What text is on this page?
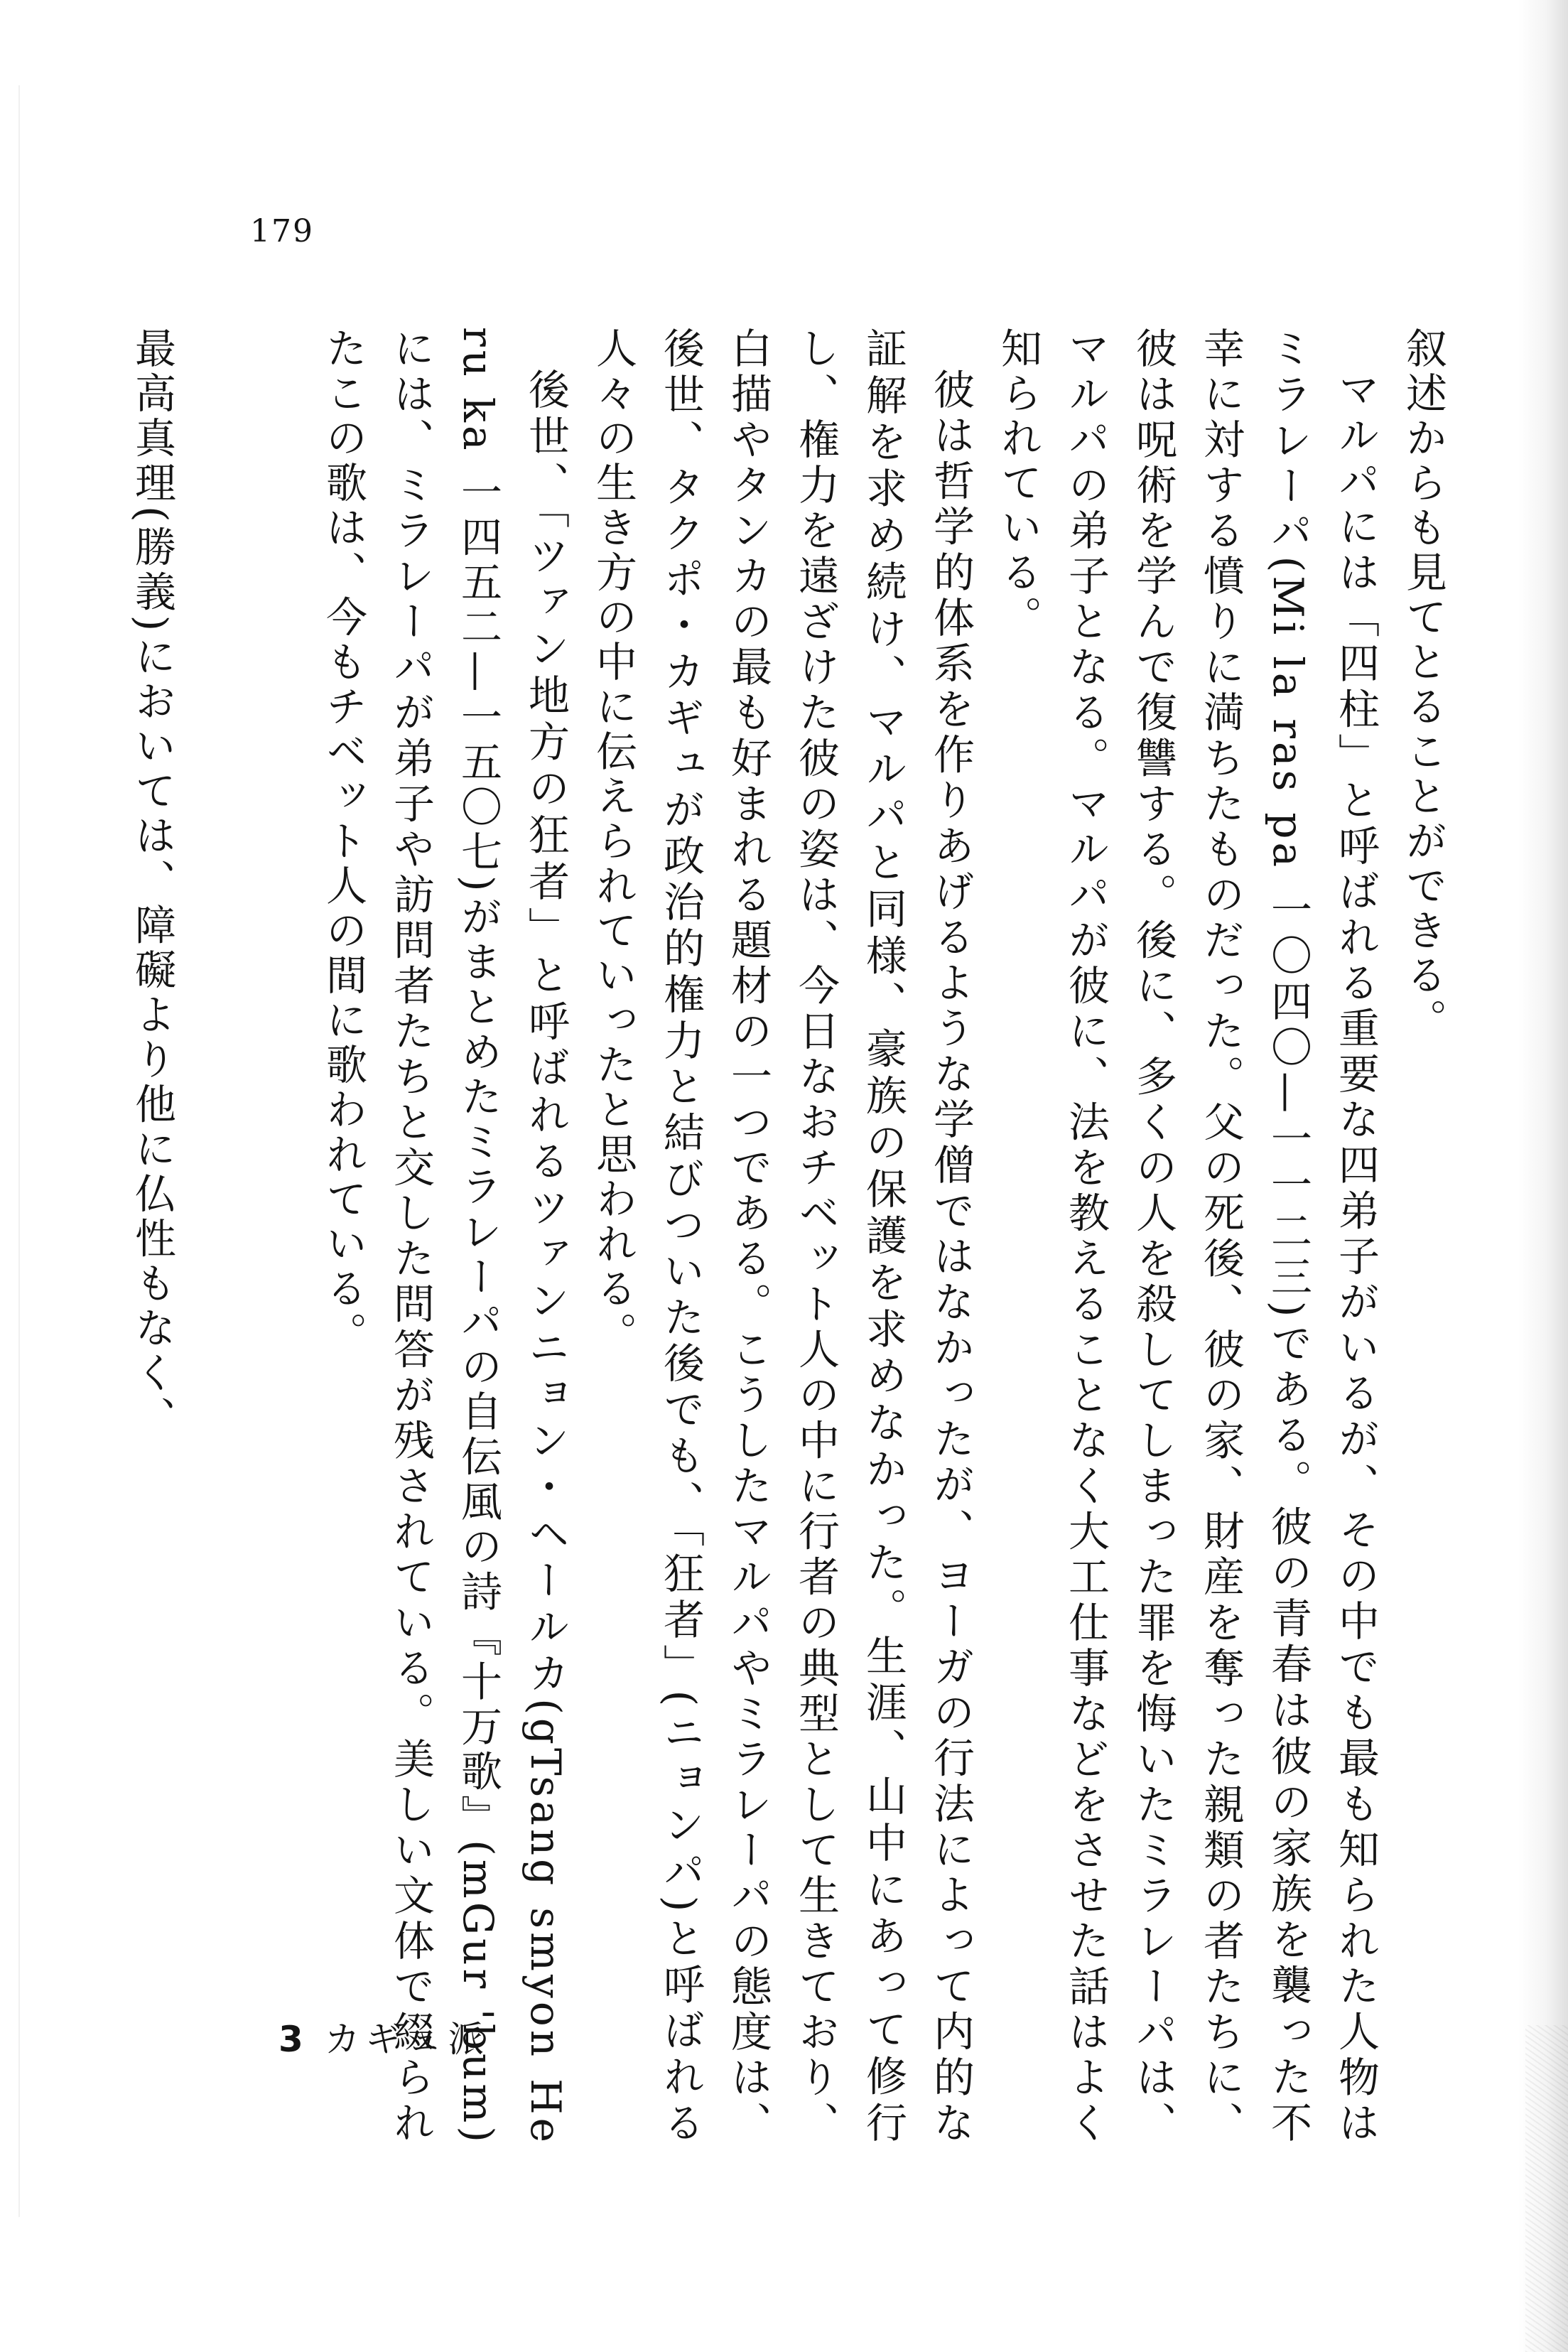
179

叙述からも見てとることができる。

マルパには「四柱」と呼ばれる重要な四弟子がいるが、その中でも最も知られた人物はミラレーパ(Mi la ras pa 一〇四〇—一一二三)である。彼の青春は彼の家族を襲った不幸に対する憤りに満ちたものだった。父の死後、彼の家、財産を奪った親類の者たちに、彼は呪術を学んで復讐する。後に、多くの人を殺してしまった罪を悔いたミラレーパは、マルパの弟子となる。マルパが彼に、法を教えることなく大工仕事などをさせた話はよく知られている。

彼は哲学的体系を作りあげるような学僧ではなかったが、ヨーガの行法によって内的な証解を求め続け、マルパと同様、豪族の保護を求めなかった。生涯、山中にあって修行し、権力を遠ざけた彼の姿は、今日なおチベット人の中に行者の典型として生きており、白描やタンカの最も好まれる題材の一つである。こうしたマルパやミラレーパの態度は、後世、タクポ・カギュが政治的権力と結びついた後でも、「狂者」(ニョンパ)と呼ばれる人々の生き方の中に伝えられていったと思われる。

後世、「ツァン地方の狂者」と呼ばれるツァンニョン・ヘールカ(gTsang smyon He ru ka 一四五二—一五〇七)がまとめたミラレーパの自伝風の詩『十万歌』(mGur 'bum)には、ミラレーパが弟子や訪問者たちと交した問答が残されている。美しい文体で綴られたこの歌は、今もチベット人の間に歌われている。

最高真理(勝義)においては、障礙より他に仏性もなく、
3 カギュ派
